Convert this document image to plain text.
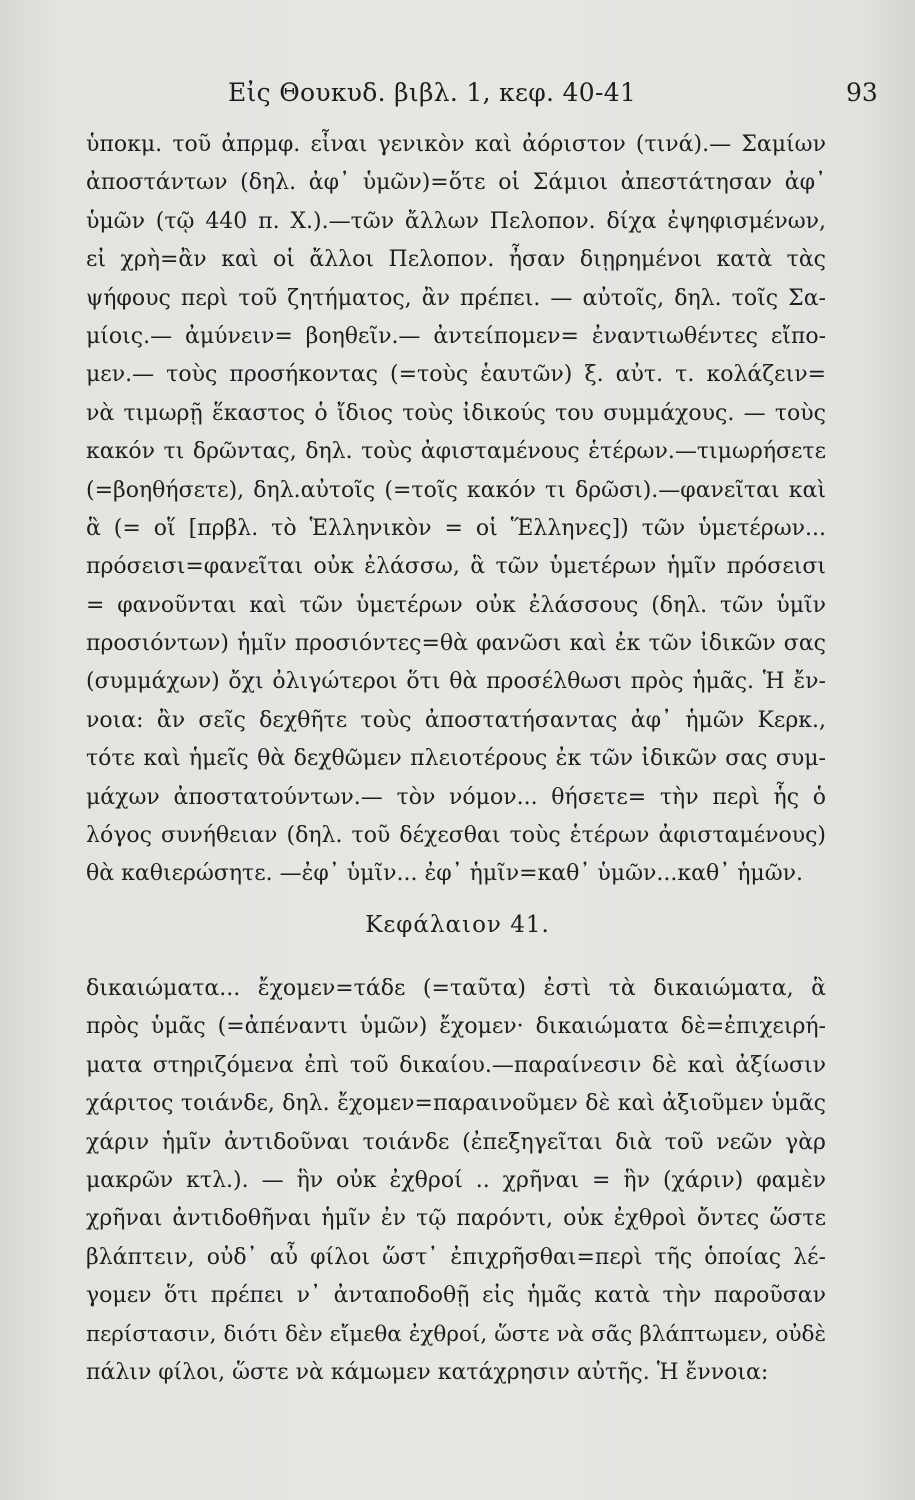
Εἰς Θουκυδ. βιβλ. 1, κεφ. 40-41	93
ὑποκμ. τοῦ ἀπρμφ. εἶναι γενικὸν καὶ ἀόριστον (τινά).— Σαμίων
ἀποστάντων (δηλ. ἀφ᾽ ὑμῶν)=ὅτε οἱ Σάμιοι ἀπεστάτησαν ἀφ᾽
ὑμῶν (τῷ 440 π. Χ.).—τῶν ἄλλων Πελοπον. δίχα ἐψηφισμένων,
εἰ χρὴ=ἂν καὶ οἱ ἄλλοι Πελοπον. ἦσαν διῃρημένοι κατὰ τὰς
ψήφους περὶ τοῦ ζητήματος, ἂν πρέπει. — αὐτοῖς, δηλ. τοῖς Σα-
μίοις.— ἀμύνειν= βοηθεῖν.— ἀντείπομεν= ἐναντιωθέντες εἴπο-
μεν.— τοὺς προσήκοντας (=τοὺς ἑαυτῶν) ξ. αὐτ. τ. κολάζειν=
νὰ τιμωρῇ ἕκαστος ὁ ἴδιος τοὺς ἰδικούς του συμμάχους. — τοὺς
κακόν τι δρῶντας, δηλ. τοὺς ἀφισταμένους ἑτέρων.—τιμωρήσετε
(=βοηθήσετε), δηλ.αὐτοῖς (=τοῖς κακόν τι δρῶσι).—φανεῖται καὶ
ἃ (= οἵ [πρβλ. τὸ Ἑλληνικὸν = οἱ Ἕλληνες]) τῶν ὑμετέρων...
πρόσεισι=φανεῖται οὐκ ἐλάσσω, ἃ τῶν ὑμετέρων ἡμῖν πρόσεισι
= φανοῦνται καὶ τῶν ὑμετέρων οὐκ ἐλάσσους (δηλ. τῶν ὑμῖν
προσιόντων) ἡμῖν προσιόντες=θὰ φανῶσι καὶ ἐκ τῶν ἰδικῶν σας
(συμμάχων) ὄχι ὀλιγώτεροι ὅτι θὰ προσέλθωσι πρὸς ἡμᾶς. Ἡ ἔν-
νοια: ἂν σεῖς δεχθῆτε τοὺς ἀποστατήσαντας ἀφ᾽ ἡμῶν Κερκ.,
τότε καὶ ἡμεῖς θὰ δεχθῶμεν πλειοτέρους ἐκ τῶν ἰδικῶν σας συμ-
μάχων ἀποστατούντων.— τὸν νόμον... θήσετε= τὴν περὶ ἧς ὁ
λόγος συνήθειαν (δηλ. τοῦ δέχεσθαι τοὺς ἑτέρων ἀφισταμένους)
θὰ καθιερώσητε. —ἐφ᾽ ὑμῖν... ἐφ᾽ ἡμῖν=καθ᾽ ὑμῶν...καθ᾽ ἡμῶν.
Κεφάλαιον 41.
δικαιώματα... ἔχομεν=τάδε (=ταῦτα) ἐστὶ τὰ δικαιώματα, ἃ
πρὸς ὑμᾶς (=ἀπέναντι ὑμῶν) ἔχομεν· δικαιώματα δὲ=ἐπιχειρή-
ματα στηριζόμενα ἐπὶ τοῦ δικαίου.—παραίνεσιν δὲ καὶ ἀξίωσιν
χάριτος τοιάνδε, δηλ. ἔχομεν=παραινοῦμεν δὲ καὶ ἀξιοῦμεν ὑμᾶς
χάριν ἡμῖν ἀντιδοῦναι τοιάνδε (ἐπεξηγεῖται διὰ τοῦ νεῶν γὰρ
μακρῶν κτλ.). — ἣν οὐκ ἐχθροί .. χρῆναι = ἣν (χάριν) φαμὲν
χρῆναι ἀντιδοθῆναι ἡμῖν ἐν τῷ παρόντι, οὐκ ἐχθροὶ ὄντες ὥστε
βλάπτειν, οὐδ᾽ αὖ φίλοι ὥστ᾽ ἐπιχρῆσθαι=περὶ τῆς ὁποίας λέ-
γομεν ὅτι πρέπει ν᾽ ἀνταποδοθῇ εἰς ἡμᾶς κατὰ τὴν παροῦσαν
περίστασιν, διότι δὲν εἴμεθα ἐχθροί, ὥστε νὰ σᾶς βλάπτωμεν, οὐδὲ
πάλιν φίλοι, ὥστε νὰ κάμωμεν κατάχρησιν αὐτῆς. Ἡ ἔννοια:
